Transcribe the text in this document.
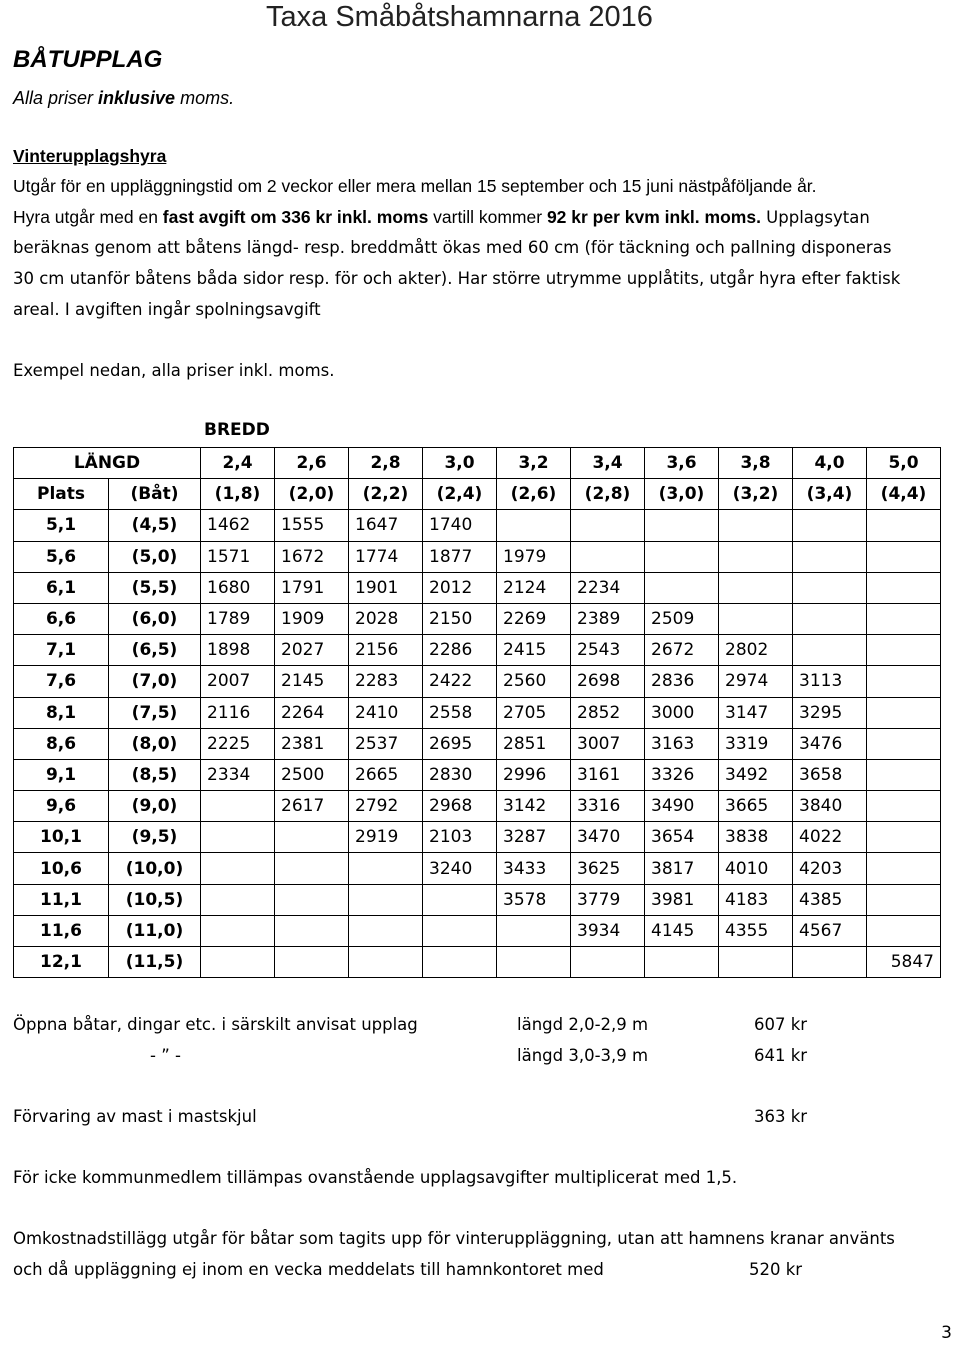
Taxa Småbåtshamnarna 2016
BÅTUPPLAG
Alla priser inklusive moms.
Vinterupplagshyra
Utgår för en uppläggningstid om 2 veckor eller mera mellan 15 september och 15 juni nästpåföljande år.
Hyra utgår med en fast avgift om 336 kr inkl. moms vartill kommer 92 kr per kvm inkl. moms. Upplagsytan
beräknas genom att båtens längd- resp. breddmått ökas med 60 cm (för täckning och pallning disponeras
30 cm utanför båtens båda sidor resp. för och akter). Har större utrymme upplåtits, utgår hyra efter faktisk
areal. I avgiften ingår spolningsavgift
Exempel nedan, alla priser inkl. moms.
BREDD
LÄNGD		2,4	2,6	2,8	3,0	3,2	3,4	3,6	3,8	4,0	5,0
Plats	(Båt)	(1,8)	(2,0)	(2,2)	(2,4)	(2,6)	(2,8)	(3,0)	(3,2)	(3,4)	(4,4)
5,1	(4,5)	1462	1555	1647	1740						
5,6	(5,0)	1571	1672	1774	1877	1979					
6,1	(5,5)	1680	1791	1901	2012	2124	2234				
6,6	(6,0)	1789	1909	2028	2150	2269	2389	2509			
7,1	(6,5)	1898	2027	2156	2286	2415	2543	2672	2802		
7,6	(7,0)	2007	2145	2283	2422	2560	2698	2836	2974	3113	
8,1	(7,5)	2116	2264	2410	2558	2705	2852	3000	3147	3295	
8,6	(8,0)	2225	2381	2537	2695	2851	3007	3163	3319	3476	
9,1	(8,5)	2334	2500	2665	2830	2996	3161	3326	3492	3658	
9,6	(9,0)		2617	2792	2968	3142	3316	3490	3665	3840	
10,1	(9,5)			2919	2103	3287	3470	3654	3838	4022	
10,6	(10,0)				3240	3433	3625	3817	4010	4203	
11,1	(10,5)					3578	3779	3981	4183	4385	
11,6	(11,0)						3934	4145	4355	4567	
12,1	(11,5)										5847
Öppna båtar, dingar etc. i särskilt anvisat upplag	längd 2,0-2,9 m	607 kr
- ” -	längd 3,0-3,9 m	641 kr
Förvaring av mast i mastskjul	363 kr
För icke kommunmedlem tillämpas ovanstående upplagsavgifter multiplicerat med 1,5.
Omkostnadstillägg utgår för båtar som tagits upp för vinteruppläggning, utan att hamnens kranar använts
och då uppläggning ej inom en vecka meddelats till hamnkontoret med	520 kr
3
